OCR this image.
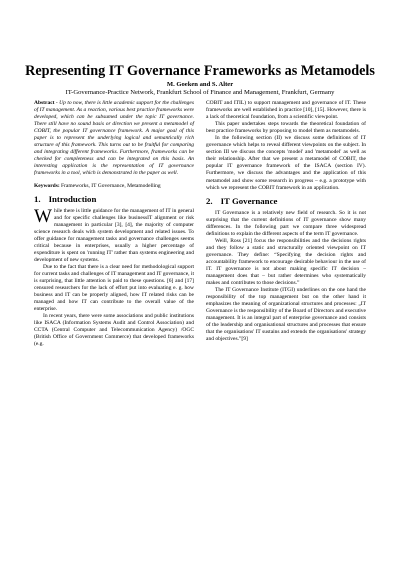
Representing IT Governance Frameworks as Metamodels
M. Goeken and S. Alter
IT-Governance-Practice Network, Frankfurt School of Finance and Management, Frankfurt, Germany

Abstract - Up to now, there is little academic support for the challenges of IT management. As a reaction, various best practice frameworks were developed, which can be subsumed under the topic IT governance. There still have no sound basis or direction we present a metamodel of COBIT, the popular IT governance framework. A major goal of this paper is to represent the underlying logical and semantically rich structure of this framework. This turns out to be fruitful for comparing and integrating different frameworks. Furthermore, frameworks can be checked for completeness and can be integrated on this basis. An interesting application is the representation of IT governance frameworks in a tool, which is demonstrated in the paper as well.

Keywords: Frameworks, IT Governance, Metamodelling

1. Introduction

While there is little guidance for the management of IT in general and for specific challenges like businessIT alignment or risk management in particular [3], [4], the majority of computer science research deals with system development and related issues. To offer guidance for management tasks and governance challenges seems critical because in enterprises, usually a higher percentage of expenditure is spent on 'running IT' rather than systems engineering and development of new systems.

Due to the fact that there is a clear need for methodological support for current tasks and challenges of IT management and IT governance, it is surprising, that little attention is paid to these questions. [6] and [17] censured researchers for the lack of effort put into evaluating e. g. how business and IT can be properly aligned, how IT related risks can be managed and how IT can contribute to the overall value of the enterprise.

In recent years, there were some associations and public institutions like ISACA (Information Systems Audit and Control Association) and CCTA (Central Computer and Telecommunication Agency) /OGC (British Office of Government Commerce) that developed frameworks (e.g.

COBIT and ITIL) to support management and governance of IT. These frameworks are well established in practice [10], [15]. However, there is a lack of theoretical foundation, from a scientific viewpoint.

This paper undertakes steps towards the theoretical foundation of best practice frameworks by proposing to model them as metamodels.

In the following section (II) we discuss some definitions of IT governance which helps to reveal different viewpoints on the subject. In section III we discuss the concepts 'model' and 'metamodel' as well as their relationship. After that we present a metamodel of COBIT, the popular IT governance framework of the ISACA (section IV). Furthermore, we discuss the advantages and the application of this metamodel and show some research in progress – e.g. a prototype with which we represent the COBIT framework in an application.

2. IT Governance

IT Governance is a relatively new field of research. So it is not surprising that the current definitions of IT governance show many differences. In the following part we compare three widespread definitions to explain the different aspects of the term IT governance.

Weill, Ross [21] focus the responsibilities and the decisions rights and they follow a static and structurally oriented viewpoint on IT governance. They define: “Specifying the decision rights and accountability framework to encourage desirable behaviour in the use of IT. IT governance is not about making specific IT decision – management does that – but rather determines who systematically makes and contributes to those decisions.”

The IT Governance Institute (ITGI) underlines on the one hand the responsibility of the top management but on the other hand it emphasizes the meaning of organizational structures and processes: „IT Governance is the responsibility of the Board of Directors and executive management. It is an integral part of enterprise governance and consists of the leadership and organisational structures and processes that ensure that the organisations' IT sustains and extends the organisations' strategy and objectives.”[9]
